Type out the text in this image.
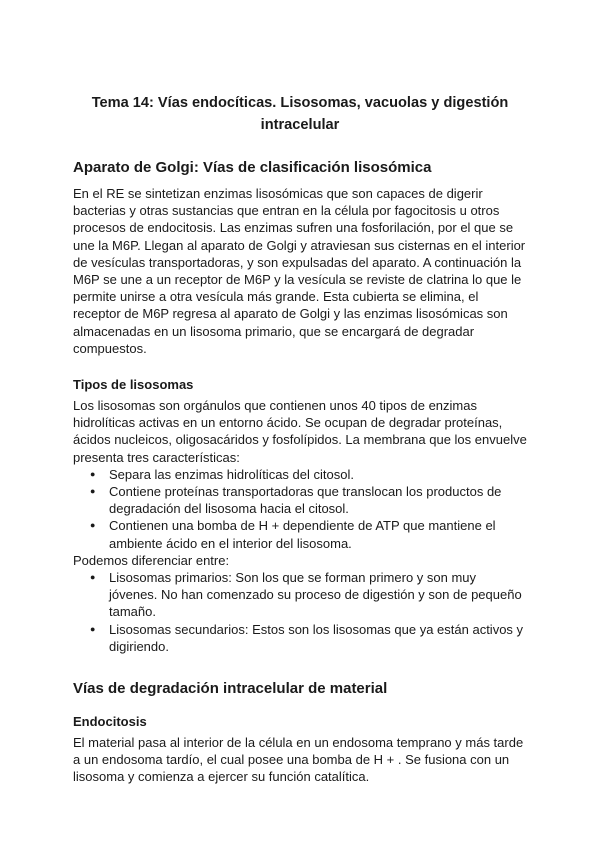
Tema 14: Vías endocíticas. Lisosomas, vacuolas y digestión intracelular
Aparato de Golgi: Vías de clasificación lisosómica

En el RE se sintetizan enzimas lisosómicas que son capaces de digerir bacterias y otras sustancias que entran en la célula por fagocitosis u otros procesos de endocitosis. Las enzimas sufren una fosforilación, por el que se une la M6P. Llegan al aparato de Golgi y atraviesan sus cisternas en el interior de vesículas transportadoras, y son expulsadas del aparato. A continuación la M6P se une a un receptor de M6P y la vesícula se reviste de clatrina lo que le permite unirse a otra vesícula más grande. Esta cubierta se elimina, el receptor de M6P regresa al aparato de Golgi y las enzimas lisosómicas son almacenadas en un lisosoma primario, que se encargará de degradar compuestos.

Tipos de lisosomas

Los lisosomas son orgánulos que contienen unos 40 tipos de enzimas hidrolíticas activas en un entorno ácido. Se ocupan de degradar proteínas, ácidos nucleicos, oligosacáridos y fosfolípidos. La membrana que los envuelve presenta tres características:

● Separa las enzimas hidrolíticas del citosol.
● Contiene proteínas transportadoras que translocan los productos de degradación del lisosoma hacia el citosol.
● Contienen una bomba de H + dependiente de ATP que mantiene el ambiente ácido en el interior del lisosoma.

Podemos diferenciar entre:

● Lisosomas primarios: Son los que se forman primero y son muy jóvenes. No han comenzado su proceso de digestión y son de pequeño tamaño.
● Lisosomas secundarios: Estos son los lisosomas que ya están activos y digiriendo.
Vías de degradación intracelular de material
Endocitosis

El material pasa al interior de la célula en un endosoma temprano y más tarde a un endosoma tardío, el cual posee una bomba de H + . Se fusiona con un lisosoma y comienza a ejercer su función catalítica.
